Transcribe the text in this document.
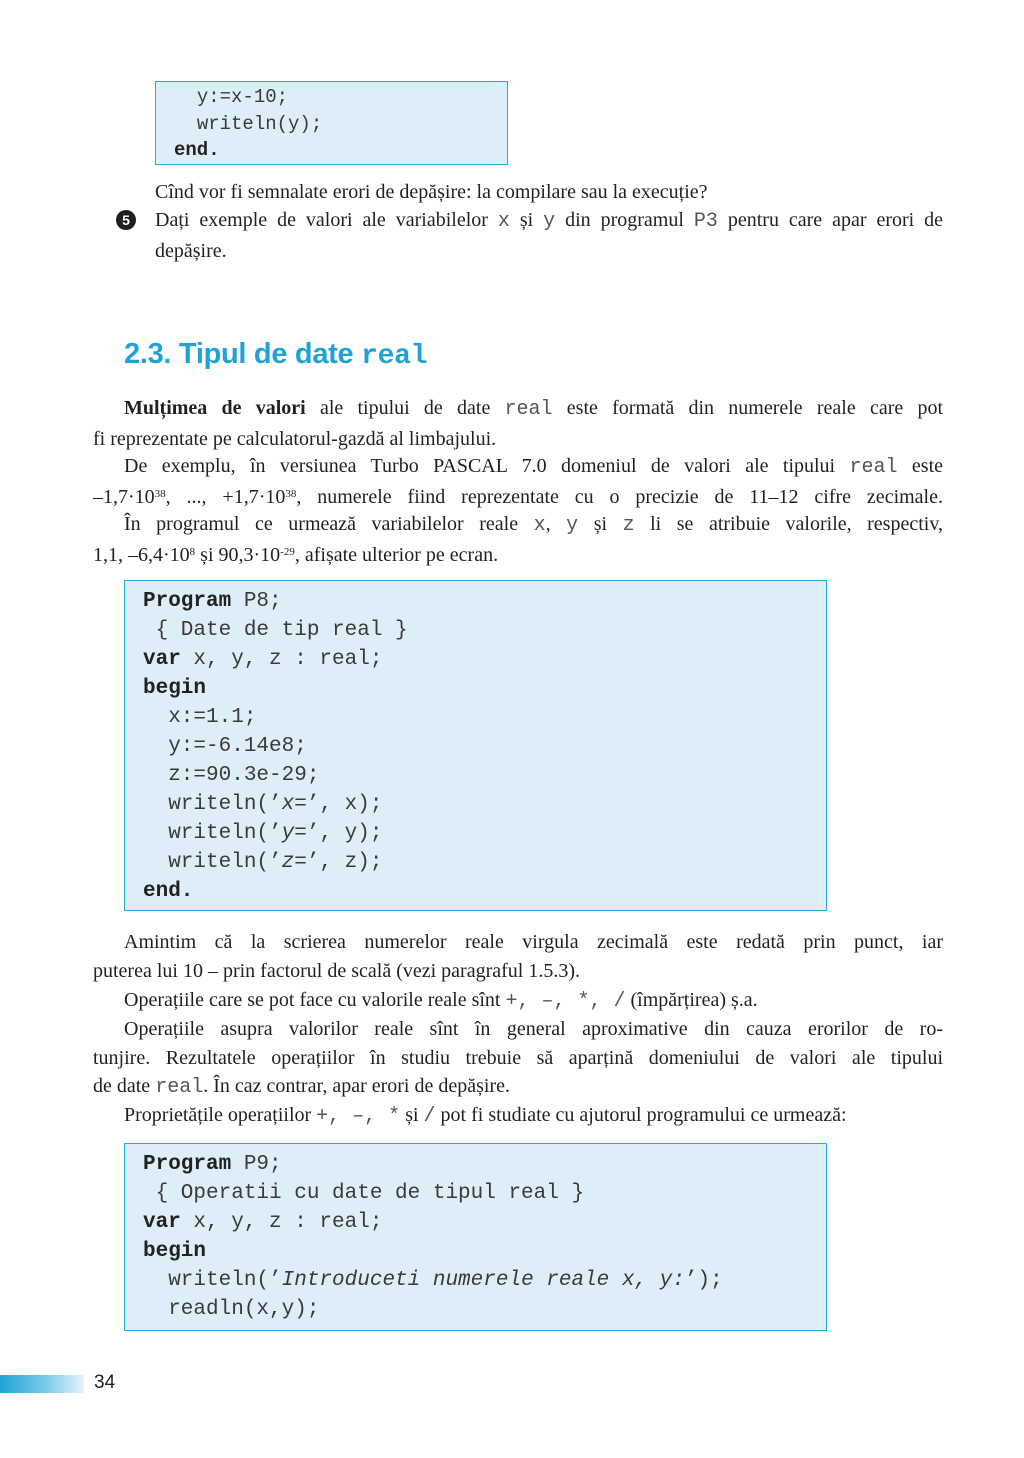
y:=x-10;
writeln(y);
end.
Cînd vor fi semnalate erori de depășire: la compilare sau la execuție?
5	Dați exemple de valori ale variabilelor x și y din programul P3 pentru care apar erori de
depășire.
2.3. Tipul de date real
Mulțimea de valori ale tipului de date real este formată din numerele reale care pot
fi reprezentate pe calculatorul-gazdă al limbajului.
De exemplu, în versiunea Turbo PASCAL 7.0 domeniul de valori ale tipului real este
$-1,7\cdot 10^{38}$, ..., $+1,7\cdot 10^{38}$, numerele fiind reprezentate cu o precizie de 11–12 cifre zecimale.
În programul ce urmează variabilelor reale x, y și z li se atribuie valorile, respectiv,
1,1, $-6,4\cdot 10^8$ și $90,3\cdot 10^{-29}$, afișate ulterior pe ecran.
Program P8;
{ Date de tip real }
var x, y, z : real;
begin
x:=1.1;
y:=-6.14e8;
z:=90.3e-29;
writeln(’x=’, x);
writeln(’y=’, y);
writeln(’z=’, z);
end.
Amintim că la scrierea numerelor reale virgula zecimală este redată prin punct, iar
puterea lui 10 – prin factorul de scală (vezi paragraful 1.5.3).
Operațiile care se pot face cu valorile reale sînt +, –, *, / (împărțirea) ș.a.
Operațiile asupra valorilor reale sînt în general aproximative din cauza erorilor de ro-
tunjire. Rezultatele operațiilor în studiu trebuie să aparțină domeniului de valori ale tipului
de date real. În caz contrar, apar erori de depășire.
Proprietățile operațiilor +, –, * și / pot fi studiate cu ajutorul programului ce urmează:
Program P9;
{ Operatii cu date de tipul real }
var x, y, z : real;
begin
writeln(’Introduceti numerele reale x, y:’);
readln(x,y);
34
